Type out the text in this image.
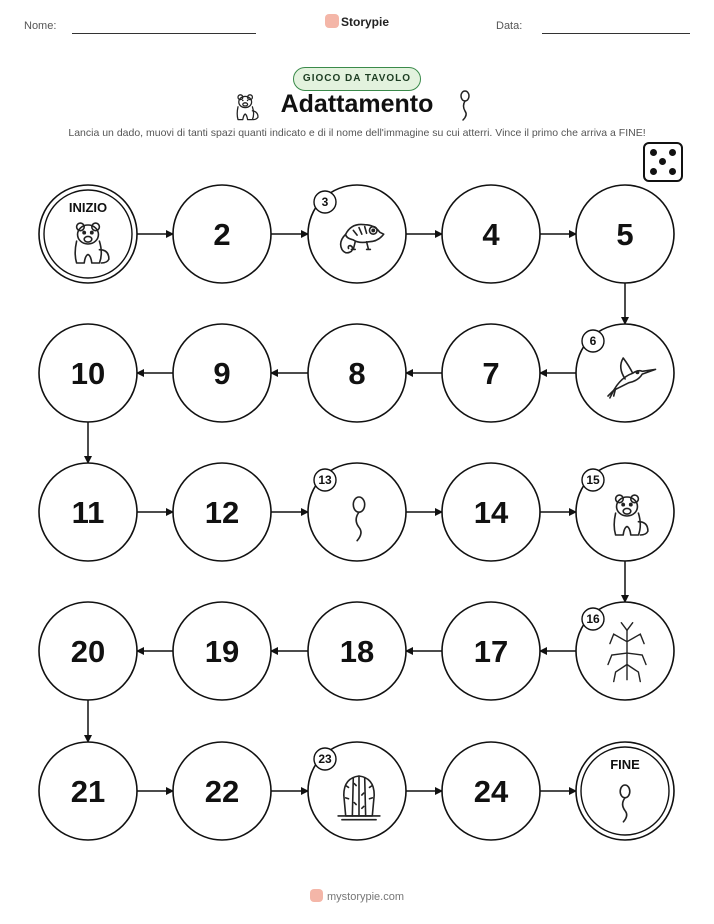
Nome:	Storypie	Data:
GIOCO DA TAVOLO
Adattamento
Lancia un dado, muovi di tanti spazi quanti indicato e di il nome dell'immagine su cui atterri. Vince il primo che arriva a FINE!
INIZIO
2
3
4	5
6
7
8
9
10
11	12
13
14
15
16
17
18
19
20
21	22
23
24
FINE
mystorypie.com
